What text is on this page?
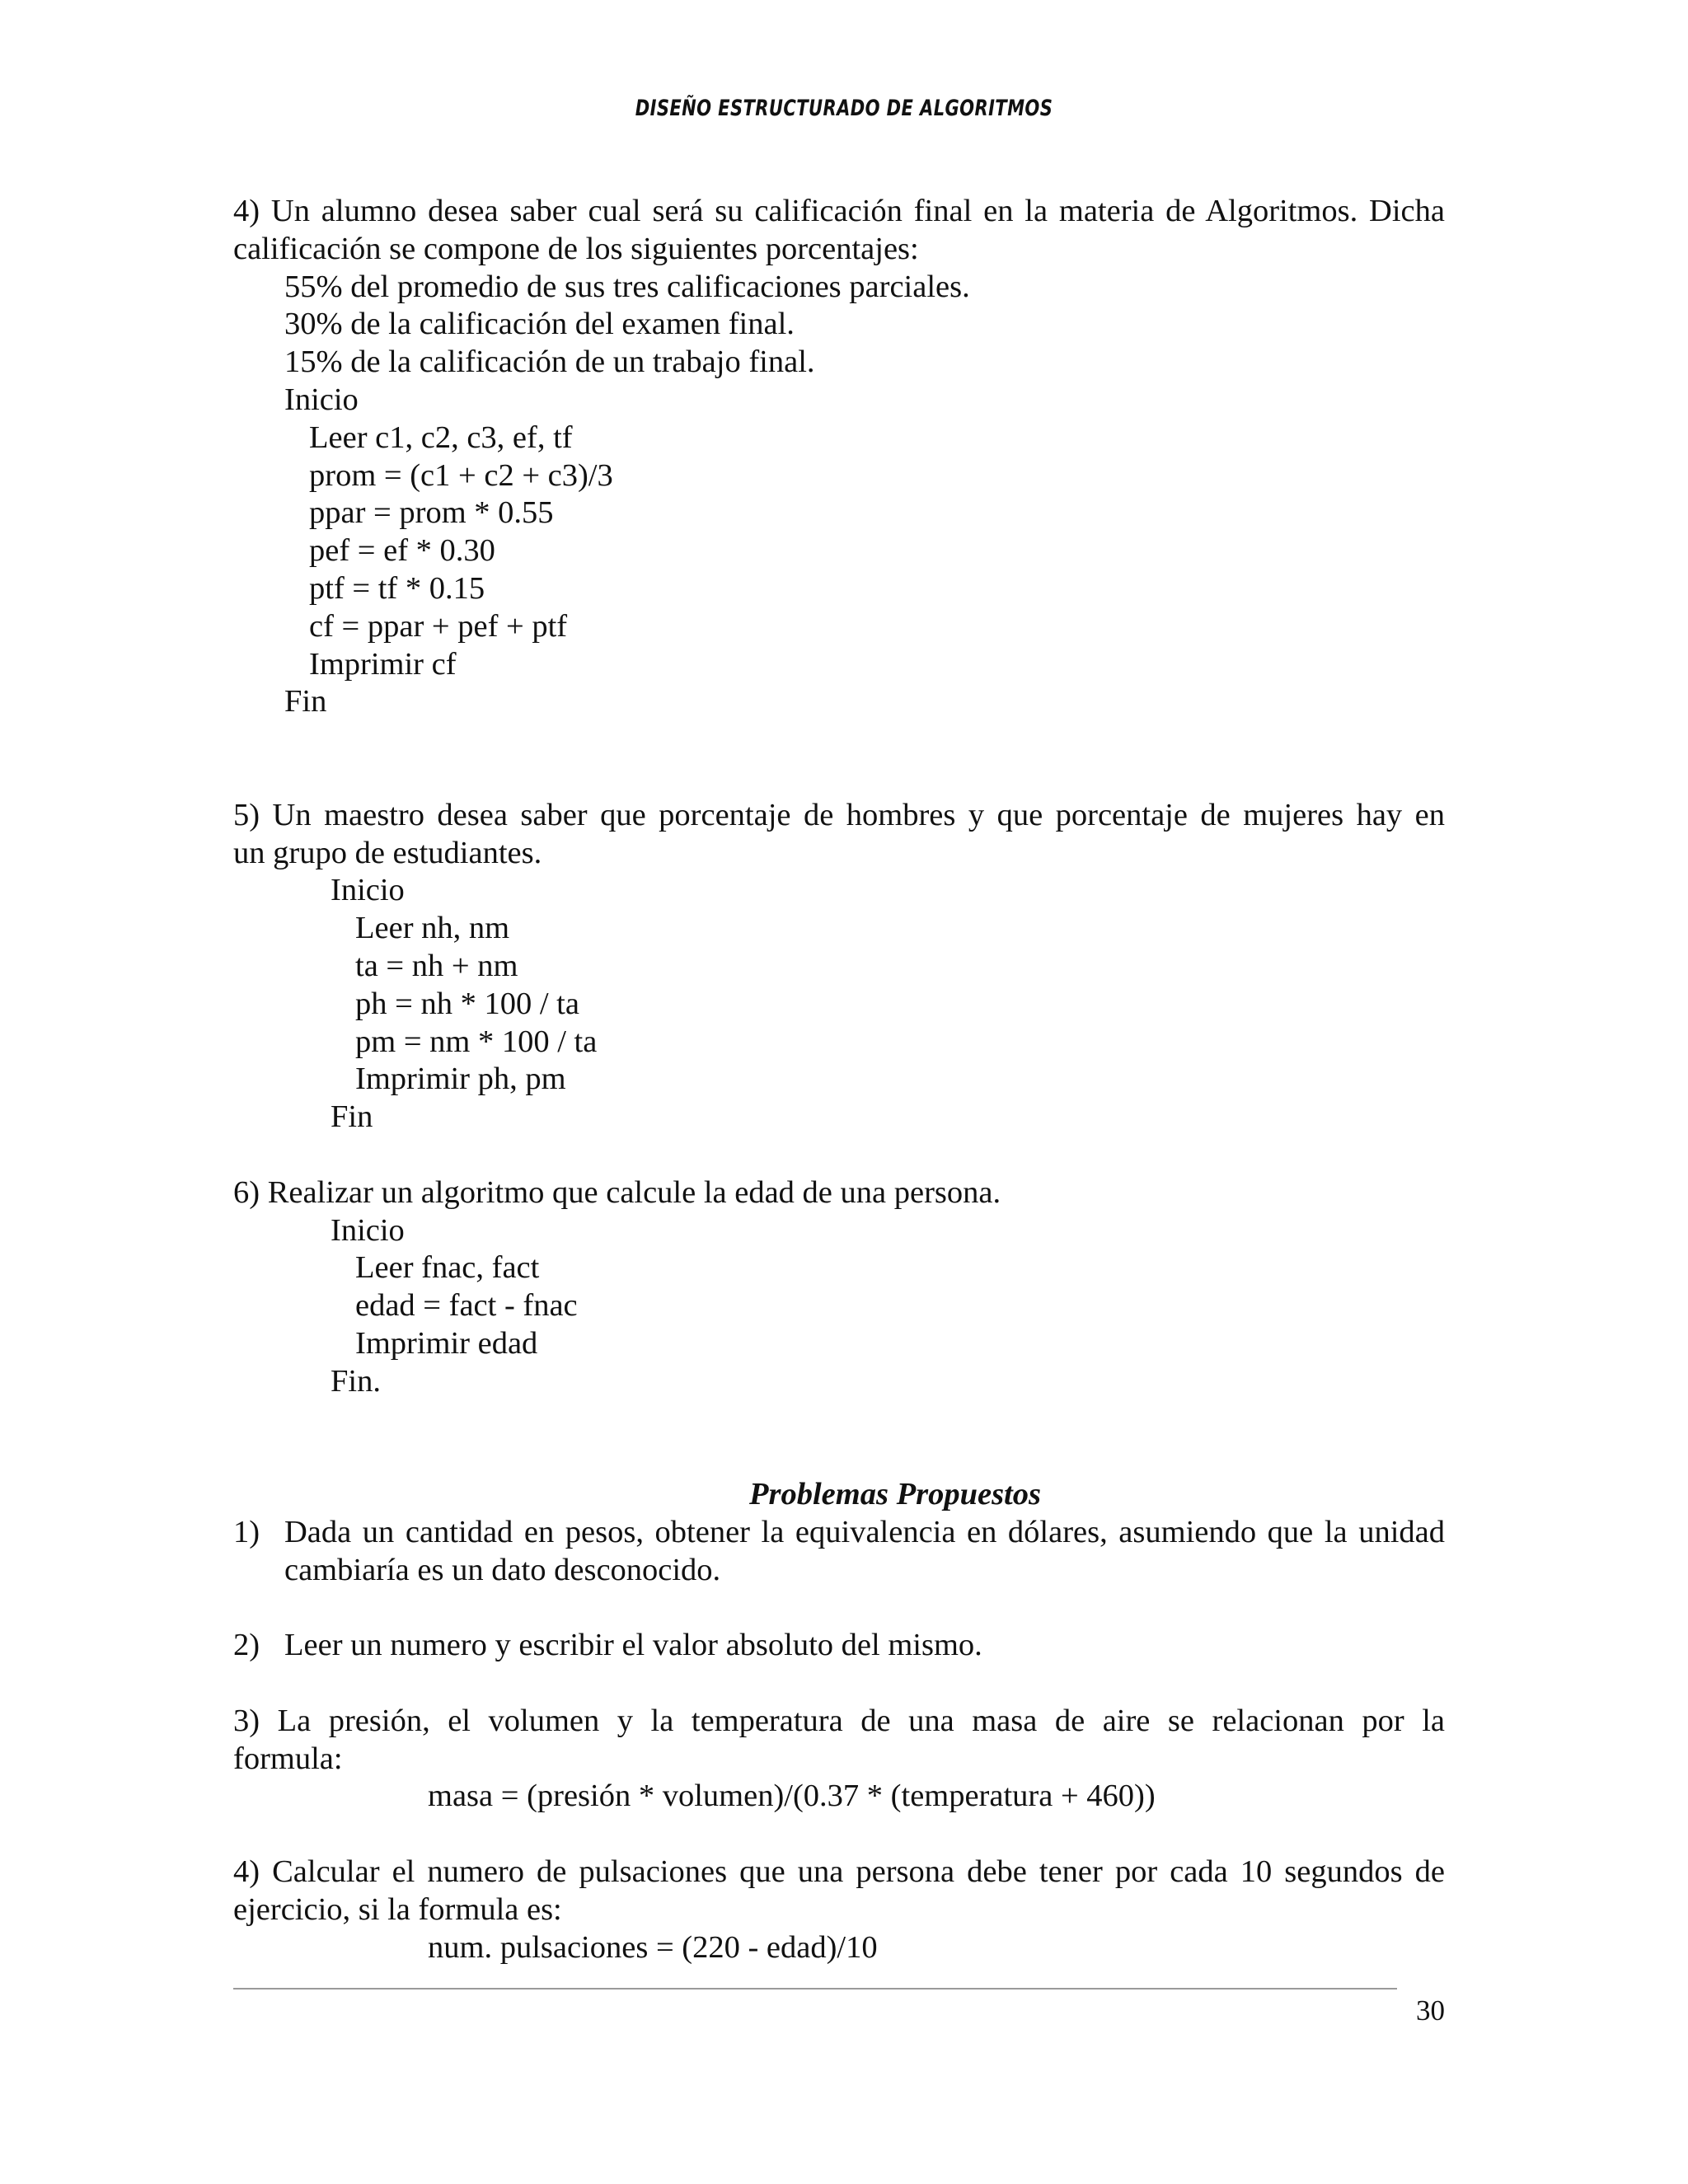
DISEÑO ESTRUCTURADO DE ALGORITMOS
4) Un alumno desea saber cual será su calificación final en la materia de Algoritmos. Dicha
calificación se compone de los siguientes porcentajes:
55% del promedio de sus tres calificaciones parciales.
30% de la calificación del examen final.
15% de la calificación de un trabajo final.
Inicio
Leer c1, c2, c3, ef, tf
prom = (c1 + c2 + c3)/3
ppar = prom * 0.55
pef = ef * 0.30
ptf = tf * 0.15
cf = ppar + pef + ptf
Imprimir cf
Fin
5) Un maestro desea saber que porcentaje de hombres y que porcentaje de mujeres hay en
un grupo de estudiantes.
Inicio
Leer nh, nm
ta = nh + nm
ph = nh * 100 / ta
pm = nm * 100 / ta
Imprimir ph, pm
Fin
6) Realizar un algoritmo que calcule la edad de una persona.
Inicio
Leer fnac, fact
edad = fact - fnac
Imprimir edad
Fin.
Problemas Propuestos
1) Dada un cantidad en pesos, obtener la equivalencia en dólares, asumiendo que la unidad
cambiaría es un dato desconocido.
2) Leer un numero y escribir el valor absoluto del mismo.
3) La presión, el volumen y la temperatura de una masa de aire se relacionan por la
formula:
masa = (presión * volumen)/(0.37 * (temperatura + 460))
4) Calcular el numero de pulsaciones que una persona debe tener por cada 10 segundos de
ejercicio, si la formula es:
num. pulsaciones = (220 - edad)/10
30
